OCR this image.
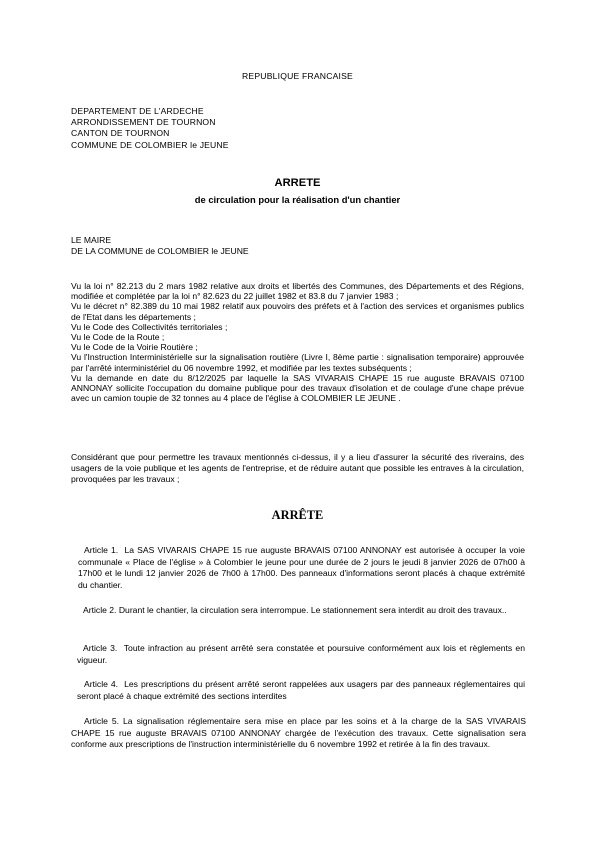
REPUBLIQUE FRANCAISE
DEPARTEMENT DE L'ARDECHE
ARRONDISSEMENT DE TOURNON
CANTON DE TOURNON
COMMUNE DE COLOMBIER le JEUNE
ARRETE
de circulation pour la réalisation d'un chantier
LE MAIRE
DE LA COMMUNE de COLOMBIER le JEUNE
Vu la loi n° 82.213 du 2 mars 1982 relative aux droits et libertés des Communes, des Départements et des Régions, modifiée et complétée par la loi n° 82.623 du 22 juillet 1982 et 83.8 du 7 janvier 1983 ;
Vu le décret n° 82.389 du 10 mai 1982 relatif aux pouvoirs des préfets et à l'action des services et organismes publics de l'Etat dans les départements ;
Vu le Code des Collectivités territoriales ;
Vu le Code de la Route ;
Vu le Code de la Voirie Routière ;
Vu l'Instruction Interministérielle sur la signalisation routière (Livre I, 8ème partie : signalisation temporaire) approuvée par l'arrêté interministériel du 06 novembre 1992, et modifiée par les textes subséquents ;
Vu la demande en date du 8/12/2025 par laquelle la SAS VIVARAIS CHAPE 15 rue auguste BRAVAIS 07100 ANNONAY sollicite l'occupation du domaine publique pour des travaux d'isolation et de coulage d'une chape prévue avec un camion toupie de 32 tonnes au 4 place de l'église à COLOMBIER LE JEUNE .
Considérant que pour permettre les travaux mentionnés ci-dessus, il y a lieu d'assurer la sécurité des riverains, des usagers de la voie publique et les agents de l'entreprise, et de réduire autant que possible les entraves à la circulation, provoquées par les travaux ;
ARRÊTE
Article 1. La SAS VIVARAIS CHAPE 15 rue auguste BRAVAIS 07100 ANNONAY est autorisée à occuper la voie communale « Place de l'église » à Colombier le jeune pour une durée de 2 jours le jeudi 8 janvier 2026 de 07h00 à 17h00 et le lundi 12 janvier 2026 de 7h00 à 17h00. Des panneaux d'informations seront placés à chaque extrémité du chantier.
Article 2. Durant le chantier, la circulation sera interrompue. Le stationnement sera interdit au droit des travaux..
Article 3. Toute infraction au présent arrêté sera constatée et poursuive conformément aux lois et règlements en vigueur.
Article 4. Les prescriptions du présent arrêté seront rappelées aux usagers par des panneaux réglementaires qui seront placé à chaque extrémité des sections interdites
Article 5. La signalisation réglementaire sera mise en place par les soins et à la charge de la SAS VIVARAIS CHAPE 15 rue auguste BRAVAIS 07100 ANNONAY chargée de l'exécution des travaux. Cette signalisation sera conforme aux prescriptions de l'instruction interministérielle du 6 novembre 1992 et retirée à la fin des travaux.
